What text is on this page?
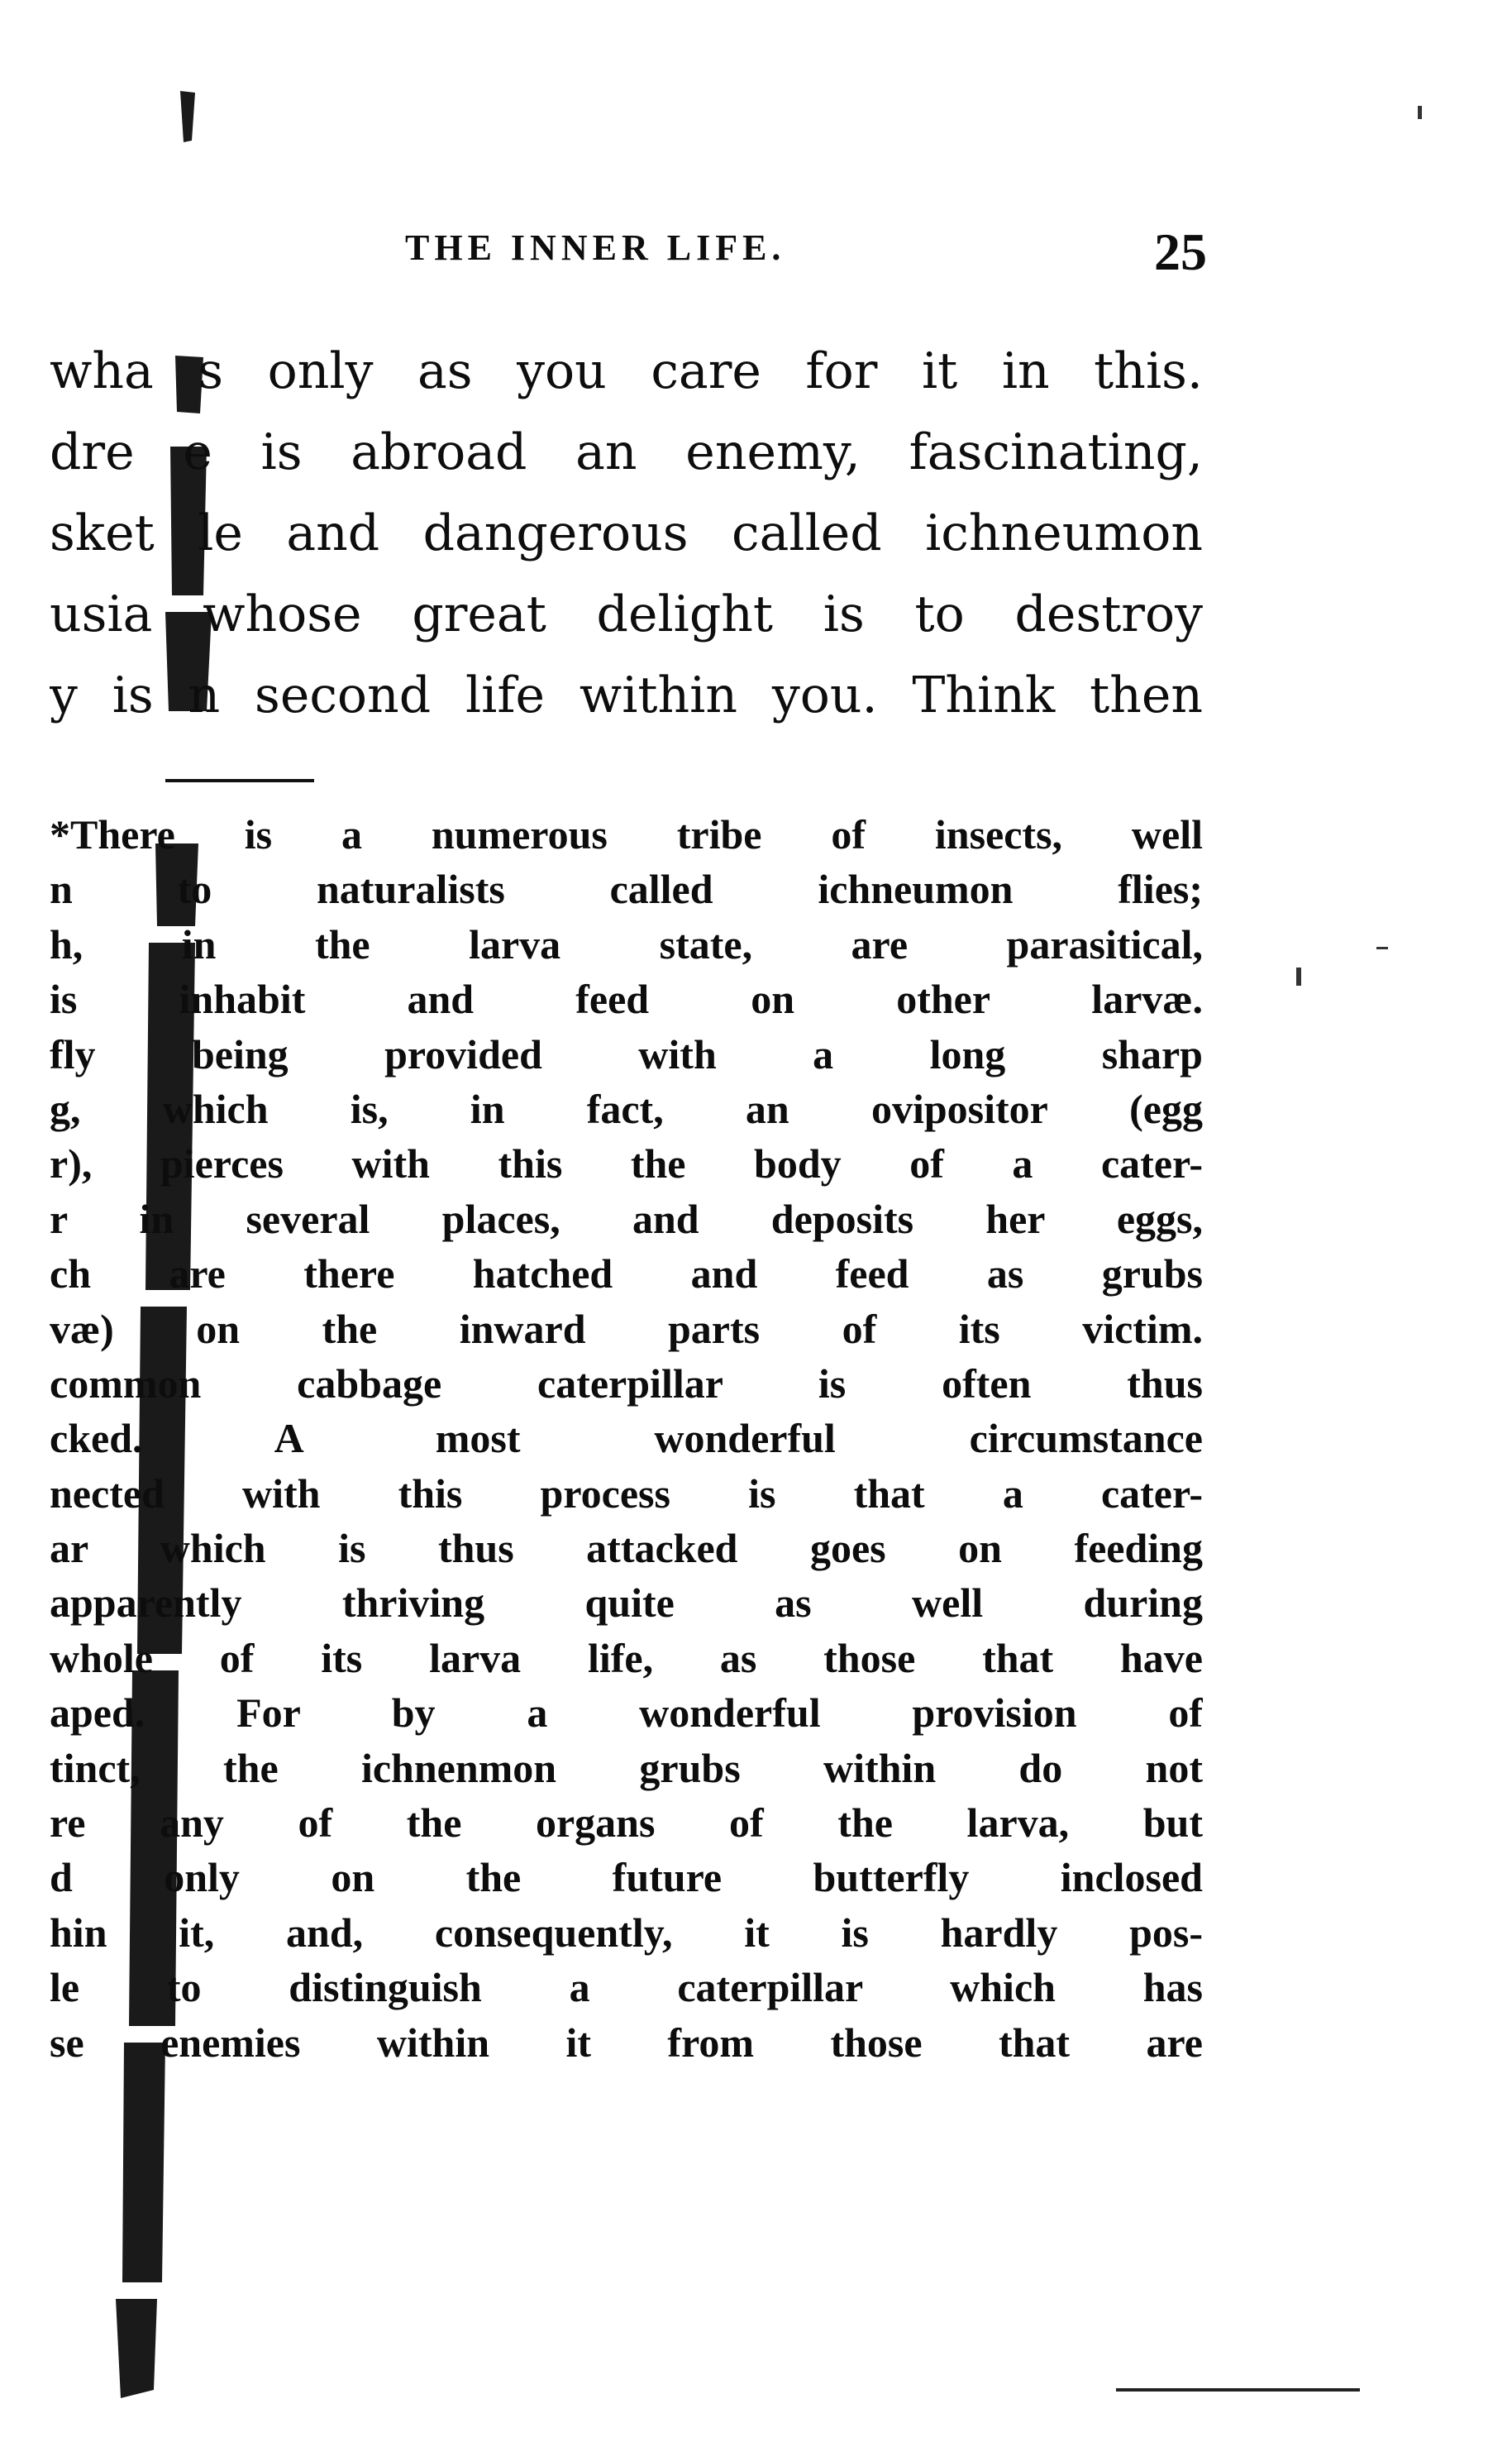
THE INNER LIFE.	25
wha s only as you care for it in this.
dre e is abroad an enemy, fascinating,
sket le and dangerous called ichneumon
usia whose great delight is to destroy
y is n second life within you. Think then
*There is a numerous tribe of insects, well
n to naturalists called ichneumon flies;
h, in the larva state, are parasitical,
is inhabit and feed on other larvæ.
fly being provided with a long sharp
g, which is, in fact, an ovipositor (egg
r), pierces with this the body of a cater-
r in several places, and deposits her eggs,
ch are there hatched and feed as grubs
væ) on the inward parts of its victim.
common cabbage caterpillar is often thus
cked. A most wonderful circumstance
nected with this process is that a cater-
ar which is thus attacked goes on feeding
apparently thriving quite as well during
whole of its larva life, as those that have
aped. For by a wonderful provision of
tinct, the ichnenmon grubs within do not
re any of the organs of the larva, but
d only on the future butterfly inclosed
hin it, and, consequently, it is hardly pos-
le to distinguish a caterpillar which has
se enemies within it from those that are
